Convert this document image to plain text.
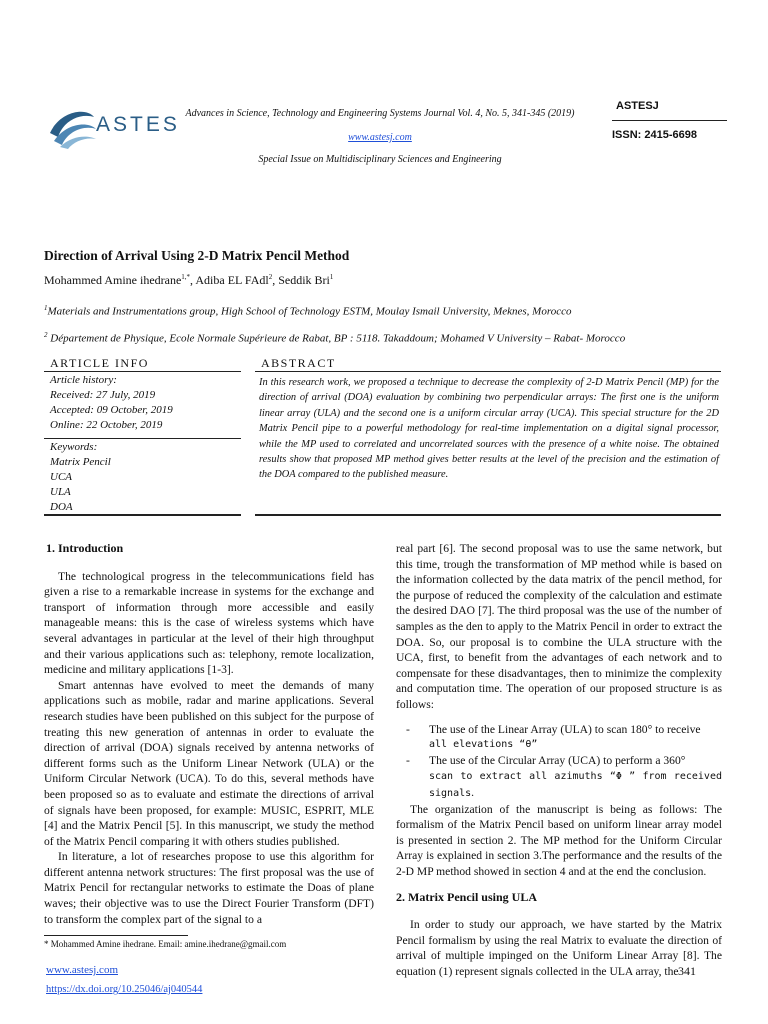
ASTES Advances in Science, Technology and Engineering Systems Journal Vol. 4, No. 5, 341-345 (2019)
www.astesj.com
Special Issue on Multidisciplinary Sciences and Engineering
ASTESJ
ISSN: 2415-6698
Direction of Arrival Using 2-D Matrix Pencil Method
Mohammed Amine ihedrane$^{1,*}$, Adiba EL FAdl$^2$, Seddik Bri$^1$
$^1$Materials and Instrumentations group, High School of Technology ESTM, Moulay Ismail University, Meknes, Morocco
$^2$ Département de Physique, Ecole Normale Supérieure de Rabat, BP : 5118. Takaddoum; Mohamed V University – Rabat- Morocco
ARTICLE INFO
Article history:
Received: 27 July, 2019
Accepted: 09 October, 2019
Online: 22 October, 2019
Keywords:
Matrix Pencil
UCA
ULA
DOA
ABSTRACT
In this research work, we proposed a technique to decrease the complexity of 2-D Matrix Pencil (MP) for the direction of arrival (DOA) evaluation by combining two perpendicular arrays: The first one is the uniform linear array (ULA) and the second one is a uniform circular array (UCA). This special structure for the 2D Matrix Pencil pipe to a powerful methodology for real-time implementation on a digital signal processor, while the MP used to correlated and uncorrelated sources with the presence of a white noise. The obtained results show that proposed MP method gives better results at the level of the precision and the estimation of the DOA compared to the published measure.
1. Introduction

The technological progress in the telecommunications field has given a rise to a remarkable increase in systems for the exchange and transport of information through more accessible and easily manageable means: this is the case of wireless systems which have several advantages in particular at the level of their high throughput and their various applications such as: telephony, remote localization, medicine and military applications [1-3].

Smart antennas have evolved to meet the demands of many applications such as mobile, radar and marine applications. Several research studies have been published on this subject for the purpose of treating this new generation of antennas in order to evaluate the direction of arrival (DOA) signals received by antenna networks of different forms such as the Uniform Linear Network (ULA) or the Uniform Circular Network (UCA). To do this, several methods have been proposed so as to evaluate and estimate the directions of arrival of signals have been proposed, for example: MUSIC, ESPRIT, MLE [4] and the Matrix Pencil [5]. In this manuscript, we study the method of the Matrix Pencil comparing it with others studies published.

In literature, a lot of researches propose to use this algorithm for different antenna network structures: The first proposal was the use of Matrix Pencil for rectangular networks to estimate the Doas of plane waves; their objective was to use the Direct Fourier Transform (DFT) to transform the complex part of the signal to a

* Mohammed Amine ihedrane. Email: amine.ihedrane@gmail.com

real part [6]. The second proposal was to use the same network, but this time, trough the transformation of MP method while is based on the information collected by the data matrix of the pencil method, for the purpose of reduced the complexity of the calculation and estimate the desired DAO [7]. The third proposal was the use of the number of samples as the den to apply to the Matrix Pencil in order to extract the DOA. So, our proposal is to combine the ULA structure with the UCA, first, to benefit from the advantages of each network and to compensate for these disadvantages, then to minimize the complexity and computation time. The operation of our proposed structure is as follows:

-	The use of the Linear Array (ULA) to scan 180° to receive
all elevations “θ”
-	The use of the Circular Array (UCA) to perform a 360°
scan to extract all azimuths “Φ ” from received signals.

The organization of the manuscript is being as follows: The formalism of the Matrix Pencil based on uniform linear array model is presented in section 2. The MP method for the Uniform Circular Array is explained in section 3.The performance and the results of the 2-D MP method showed in section 4 and at the end the conclusion.

2. Matrix Pencil using ULA

In order to study our approach, we have started by the Matrix Pencil formalism by using the real Matrix to evaluate the direction of arrival of multiple impinged on the Uniform Linear Array [8]. The equation (1) represent signals collected in the ULA array, the

www.astesj.com	341
https://dx.doi.org/10.25046/aj040544
